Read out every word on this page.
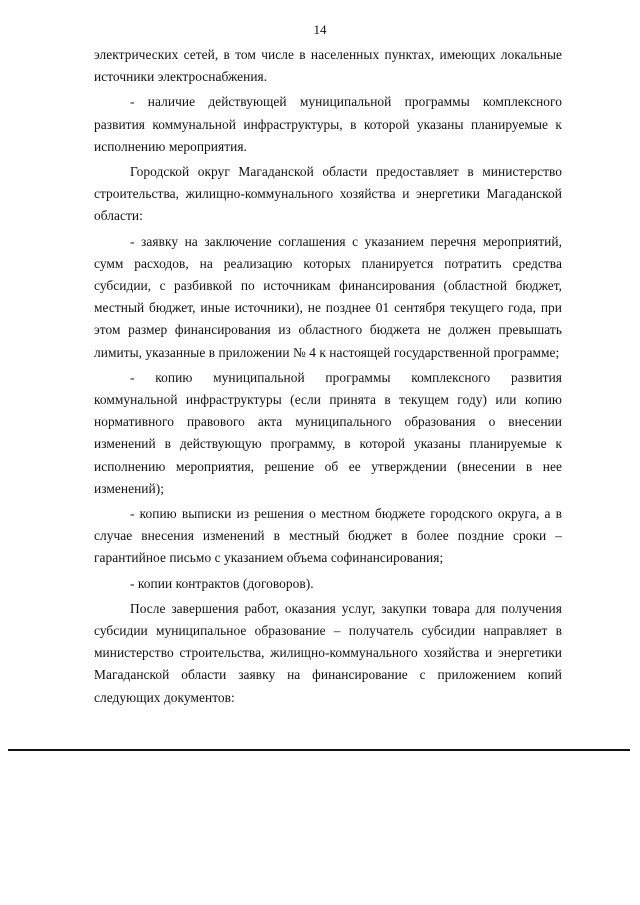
14

электрических сетей, в том числе в населенных пунктах, имеющих локальные источники электроснабжения.

- наличие действующей муниципальной программы комплексного развития коммунальной инфраструктуры, в которой указаны планируемые к исполнению мероприятия.

Городской округ Магаданской области предоставляет в министерство строительства, жилищно-коммунального хозяйства и энергетики Магаданской области:

- заявку на заключение соглашения с указанием перечня мероприятий, сумм расходов, на реализацию которых планируется потратить средства субсидии, с разбивкой по источникам финансирования (областной бюджет, местный бюджет, иные источники), не позднее 01 сентября текущего года, при этом размер финансирования из областного бюджета не должен превышать лимиты, указанные в приложении № 4 к настоящей государственной программе;

- копию муниципальной программы комплексного развития коммунальной инфраструктуры (если принята в текущем году) или копию нормативного правового акта муниципального образования о внесении изменений в действующую программу, в которой указаны планируемые к исполнению мероприятия, решение об ее утверждении (внесении в нее изменений);

- копию выписки из решения о местном бюджете городского округа, а в случае внесения изменений в местный бюджет в более поздние сроки – гарантийное письмо с указанием объема софинансирования;

- копии контрактов (договоров).

После завершения работ, оказания услуг, закупки товара для получения субсидии муниципальное образование – получатель субсидии направляет в министерство строительства, жилищно-коммунального хозяйства и энергетики Магаданской области заявку на финансирование с приложением копий следующих документов:
